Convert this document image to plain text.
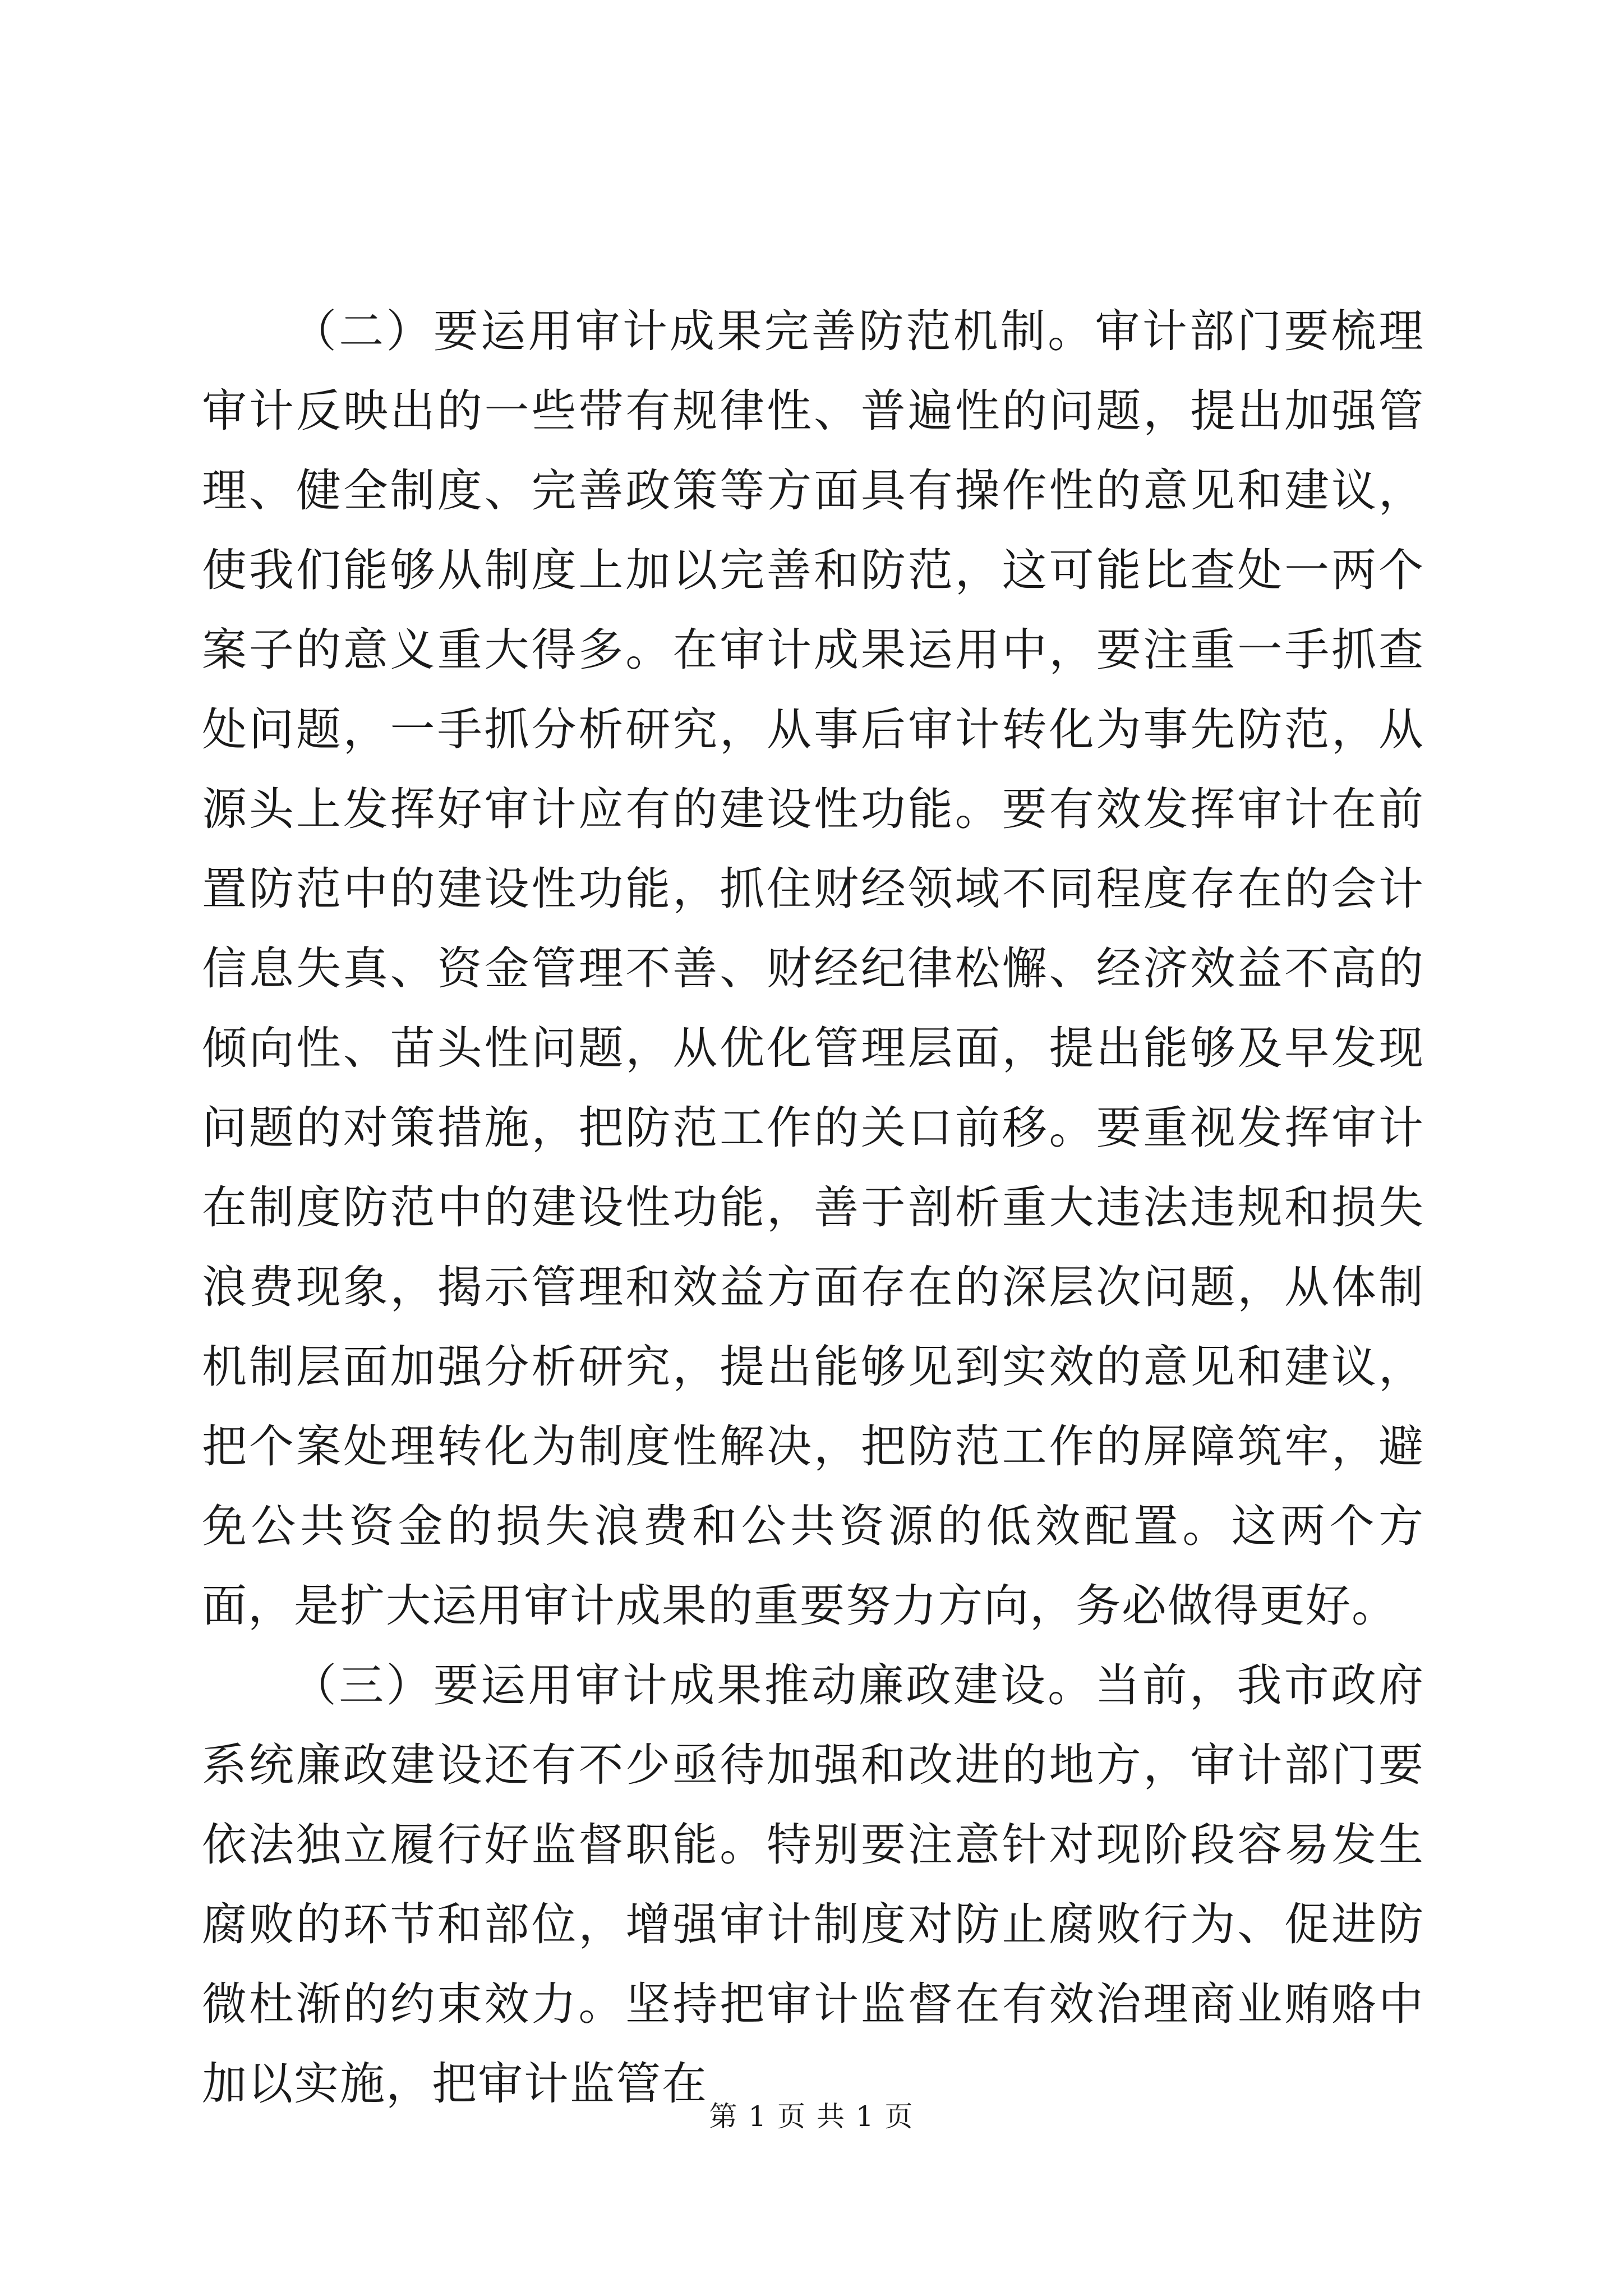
（二）要运用审计成果完善防范机制。审计部门要梳理审计反映出的一些带有规律性、普遍性的问题，提出加强管理、健全制度、完善政策等方面具有操作性的意见和建议，使我们能够从制度上加以完善和防范，这可能比查处一两个案子的意义重大得多。在审计成果运用中，要注重一手抓查处问题，一手抓分析研究，从事后审计转化为事先防范，从源头上发挥好审计应有的建设性功能。要有效发挥审计在前置防范中的建设性功能，抓住财经领域不同程度存在的会计信息失真、资金管理不善、财经纪律松懈、经济效益不高的倾向性、苗头性问题，从优化管理层面，提出能够及早发现问题的对策措施，把防范工作的关口前移。要重视发挥审计在制度防范中的建设性功能，善于剖析重大违法违规和损失浪费现象，揭示管理和效益方面存在的深层次问题，从体制机制层面加强分析研究，提出能够见到实效的意见和建议，把个案处理转化为制度性解决，把防范工作的屏障筑牢，避免公共资金的损失浪费和公共资源的低效配置。这两个方面，是扩大运用审计成果的重要努力方向，务必做得更好。

（三）要运用审计成果推动廉政建设。当前，我市政府系统廉政建设还有不少亟待加强和改进的地方，审计部门要依法独立履行好监督职能。特别要注意针对现阶段容易发生腐败的环节和部位，增强审计制度对防止腐败行为、促进防微杜渐的约束效力。坚持把审计监督在有效治理商业贿赂中加以实施，把审计监管在

第 1 页 共 1 页
